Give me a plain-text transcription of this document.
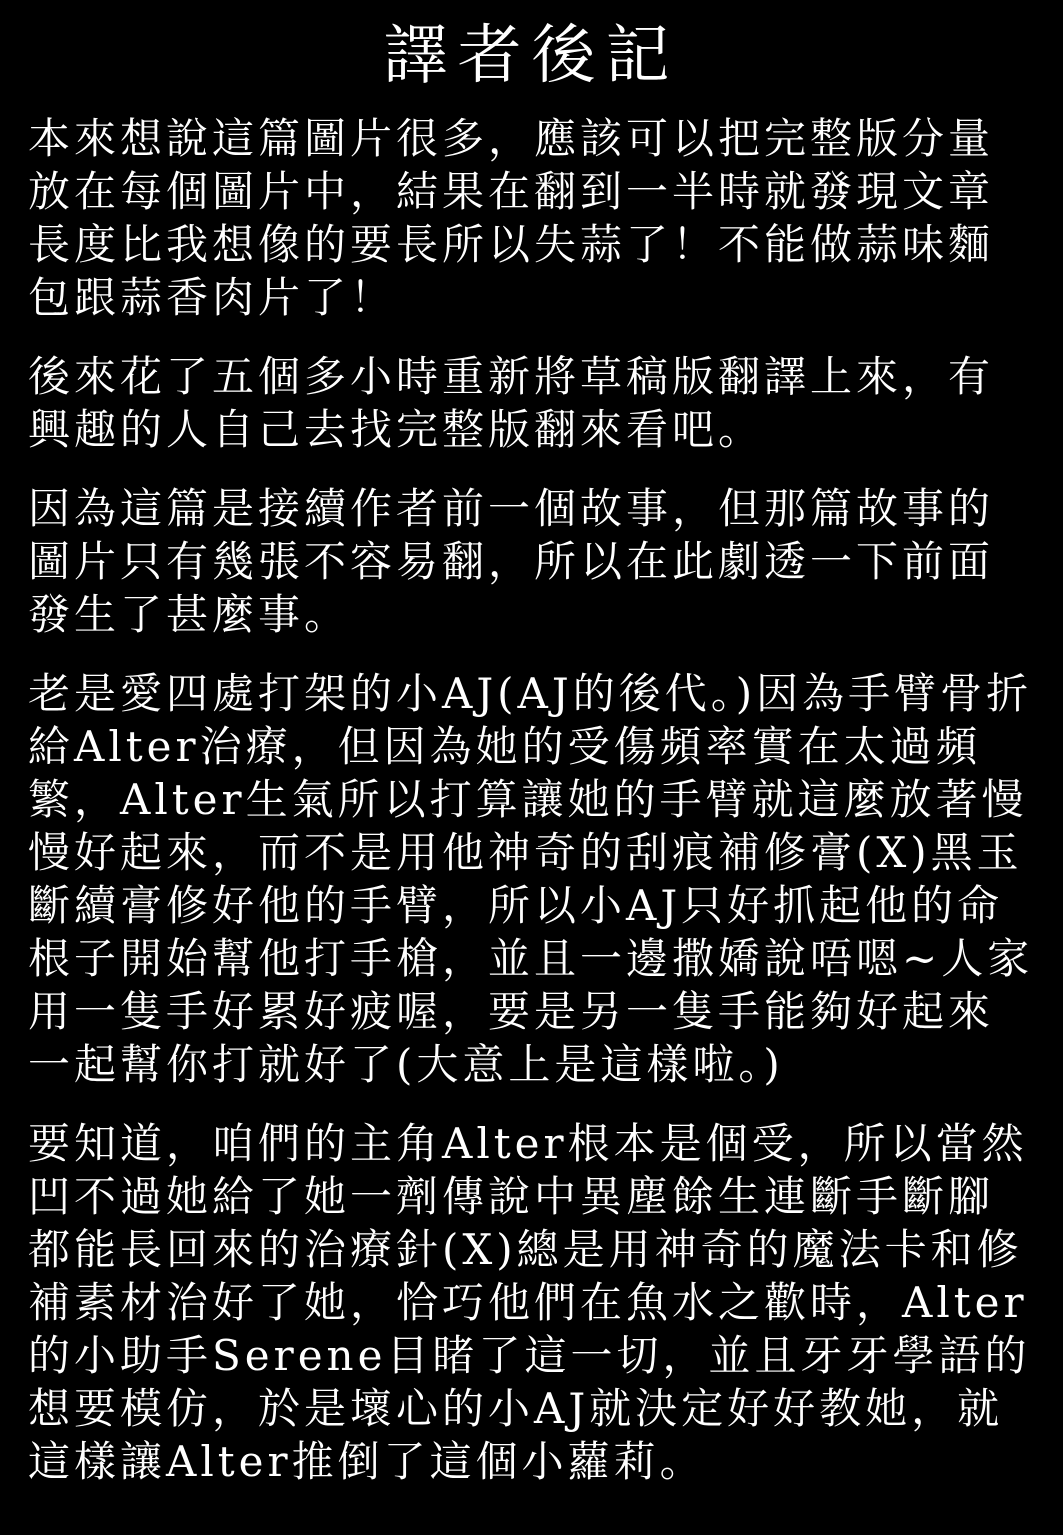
譯者後記

本來想說這篇圖片很多，應該可以把完整版分量放在每個圖片中，結果在翻到一半時就發現文章長度比我想像的要長所以失蒜了！不能做蒜味麵包跟蒜香肉片了！

後來花了五個多小時重新將草稿版翻譯上來，有興趣的人自己去找完整版翻來看吧。

因為這篇是接續作者前一個故事，但那篇故事的圖片只有幾張不容易翻，所以在此劇透一下前面發生了甚麼事。

老是愛四處打架的小AJ(AJ的後代。)因為手臂骨折給Alter治療，但因為她的受傷頻率實在太過頻繁，Alter生氣所以打算讓她的手臂就這麼放著慢慢好起來，而不是用他神奇的刮痕補修膏(X)黑玉斷續膏修好他的手臂，所以小AJ只好抓起他的命根子開始幫他打手槍，並且一邊撒嬌說唔嗯~人家用一隻手好累好疲喔，要是另一隻手能夠好起來一起幫你打就好了(大意上是這樣啦。)

要知道，咱們的主角Alter根本是個受，所以當然凹不過她給了她一劑傳說中異塵餘生連斷手斷腳都能長回來的治療針(X)總是用神奇的魔法卡和修補素材治好了她，恰巧他們在魚水之歡時，Alter的小助手Serene目睹了這一切，並且牙牙學語的想要模仿，於是壞心的小AJ就決定好好教她，就這樣讓Alter推倒了這個小蘿莉。
